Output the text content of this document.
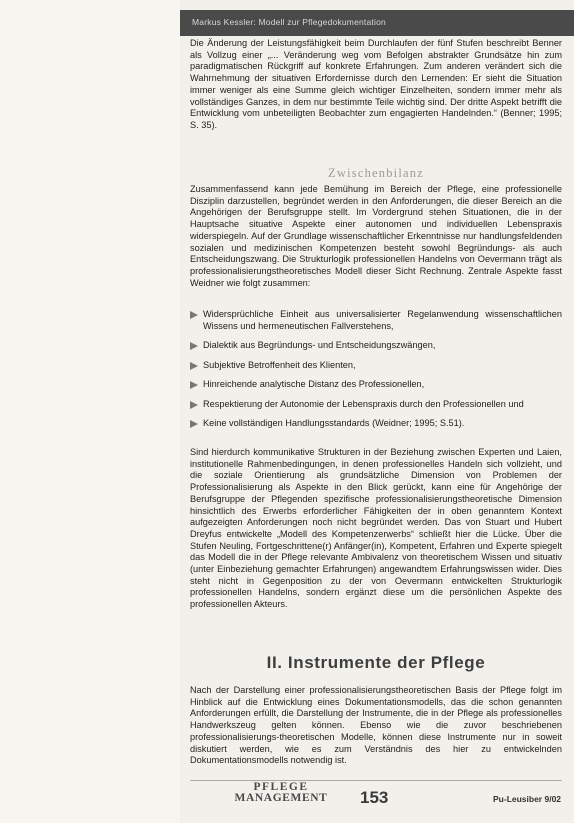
Markus Kessler: Modell zur Pflegedokumentation

Die Änderung der Leistungsfähigkeit beim Durchlaufen der fünf Stufen beschreibt Benner als Vollzug einer „... Veränderung weg vom Befolgen abstrakter Grundsätze hin zum paradigmatischen Rückgriff auf konkrete Erfahrungen. Zum anderen verändert sich die Wahrnehmung der situativen Erfordernisse durch den Lernenden: Er sieht die Situation immer weniger als eine Summe gleich wichtiger Einzelheiten, sondern immer mehr als vollständiges Ganzes, in dem nur bestimmte Teile wichtig sind. Der dritte Aspekt betrifft die Entwicklung vom unbeteiligten Beobachter zum engagierten Handelnden.“ (Benner; 1995; S. 35).

Zwischenbilanz

Zusammenfassend kann jede Bemühung im Bereich der Pflege, eine professionelle Disziplin darzustellen, begründet werden in den Anforderungen, die dieser Bereich an die Angehörigen der Berufsgruppe stellt. Im Vordergrund stehen Situationen, die in der Hauptsache situative Aspekte einer autonomen und individuellen Lebenspraxis widerspiegeln. Auf der Grundlage wissenschaftlicher Erkenntnisse nur handlungsfeldenden sozialen und medizinischen Kompetenzen besteht sowohl Begründungs- als auch Entscheidungszwang. Die Strukturlogik professionellen Handelns von Oevermann trägt als professionalisierungstheoretisches Modell dieser Sicht Rechnung. Zentrale Aspekte fasst Weidner wie folgt zusammen:

Widersprüchliche Einheit aus universalisierter Regelanwendung wissenschaftlichen Wissens und hermeneutischen Fallverstehens,
Dialektik aus Begründungs- und Entscheidungszwängen,
Subjektive Betroffenheit des Klienten,
Hinreichende analytische Distanz des Professionellen,
Respektierung der Autonomie der Lebenspraxis durch den Professionellen und
Keine vollständigen Handlungsstandards (Weidner; 1995; S.51).

Sind hierdurch kommunikative Strukturen in der Beziehung zwischen Experten und Laien, institutionelle Rahmenbedingungen, in denen professionelles Handeln sich vollzieht, und die soziale Orientierung als grundsätzliche Dimension von Problemen der Professionalisierung als Aspekte in den Blick gerückt, kann eine für Angehörige der Berufsgruppe der Pflegenden spezifische professionalisierungstheoretische Dimension hinsichtlich des Erwerbs erforderlicher Fähigkeiten der in oben genanntem Kontext aufgezeigten Anforderungen noch nicht begründet werden. Das von Stuart und Hubert Dreyfus entwickelte „Modell des Kompetenzerwerbs“ schließt hier die Lücke. Über die Stufen Neuling, Fortgeschrittene(r) Anfänger(in), Kompetent, Erfahren und Experte spiegelt das Modell die in der Pflege relevante Ambivalenz von theoretischem Wissen und situativ (unter Einbeziehung gemachter Erfahrungen) angewandtem Erfahrungswissen wider. Dies steht nicht in Gegenposition zu der von Oevermann entwickelten Strukturlogik professionellen Handelns, sondern ergänzt diese um die persönlichen Aspekte des professionellen Akteurs.

II. Instrumente der Pflege

Nach der Darstellung einer professionalisierungstheoretischen Basis der Pflege folgt im Hinblick auf die Entwicklung eines Dokumentationsmodells, das die schon genannten Anforderungen erfüllt, die Darstellung der Instrumente, die in der Pflege als professionelles Handwerkszeug gelten können. Ebenso wie die zuvor beschriebenen professionalisierungs-theoretischen Modelle, können diese Instrumente nur in soweit diskutiert werden, wie es zum Verständnis des hier zu entwickelnden Dokumentationsmodells notwendig ist.

PFLEGE
MANAGEMENT	153	Pu-Leusiber 9/02
